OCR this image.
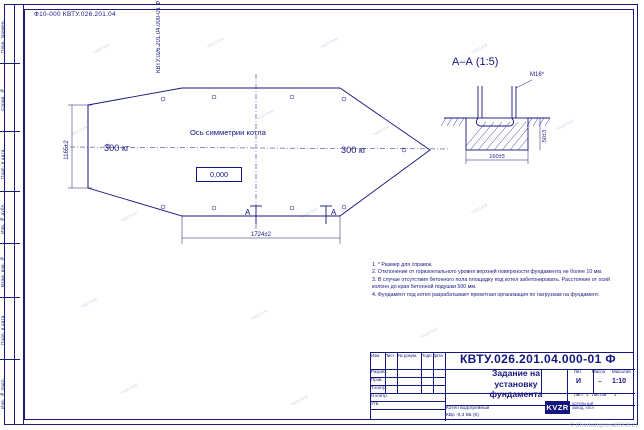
Перв. примен.
Справ. №
Подп. и дата
Инв. № дубл.
Взам. инв. №
Подп. и дата
Инв. № подл.
Ф10-000 КВТУ.026.201.04	КВТУ.026.201.04.000-01 Ф
чертеж	чертеж	чертеж	чертеж
чертеж
чертеж
чертеж	чертеж
чертеж	чертеж	чертеж
чертеж
чертеж
чертеж
чертеж
чертеж
1165±2
1724±2
160±3
50±3
Ось симметрии котла
0,000
300 кг	300 кг
А	А
А–А (1:5)
М16*
1. * Размер для справок.
2. Отклонение от горизонтального уровня верхней поверхности фундамента не более 10 мм.
3. В случае отсутствия бетонного пола площадку под котел забетонировать. Расстояние от осей колонн до края бетонной подушки 500 мм.
4. Фундамент под котел разрабатывает проектная организация по нагрузкам на фундамент.
Изм. Лист № докум. Подп. Дата
Разраб.
Пров.
Т.контр.
Н.контр.
Утв.
Лит. Масса Масштаб
И – 1:10
Лист Листов
1	1
Котел водогрейный
КВр -0,3 КБ (К)
КВТУ.026.201.04.000-01 Ф
Задание на
установку
фундамента
KVZR КОТЕЛЬНЫЙ
ЗАВОД, УЗЕЛ
© ChertezhprovaMG2021
